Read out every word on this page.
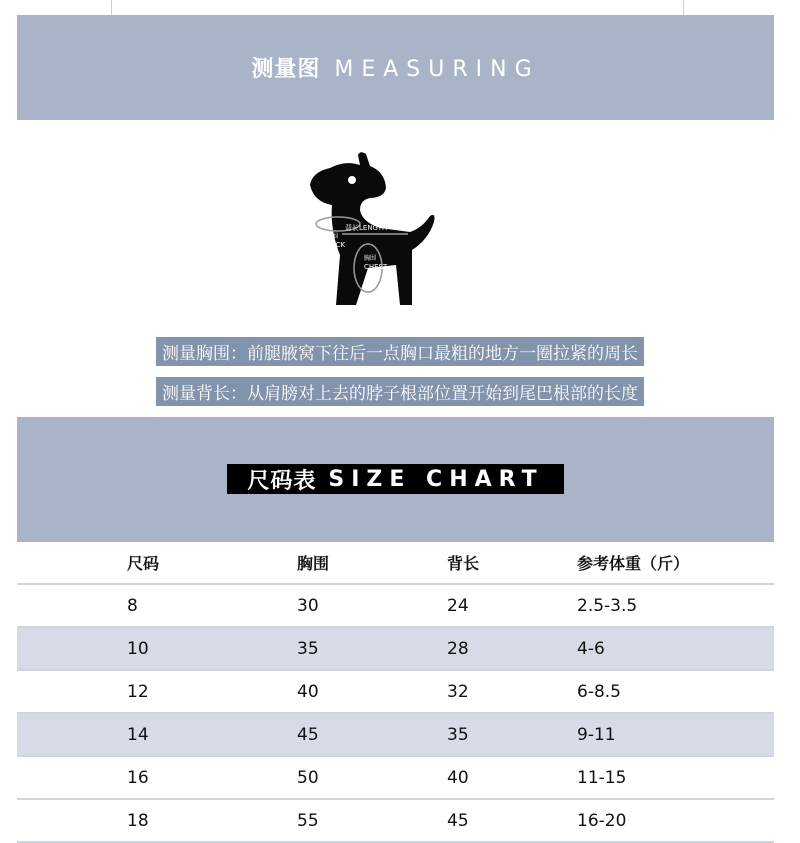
测量图 MEASURING
背长LENGTH
领围
NECK
胸围
CHEST
测量胸围：前腿腋窝下往后一点胸口最粗的地方一圈拉紧的周长
测量背长：从肩膀对上去的脖子根部位置开始到尾巴根部的长度
尺码表 SIZE CHART
尺码	胸围	背长	参考体重（斤）
8	30	24	2.5-3.5
10	35	28	4-6
12	40	32	6-8.5
14	45	35	9-11
16	50	40	11-15
18	55	45	16-20
